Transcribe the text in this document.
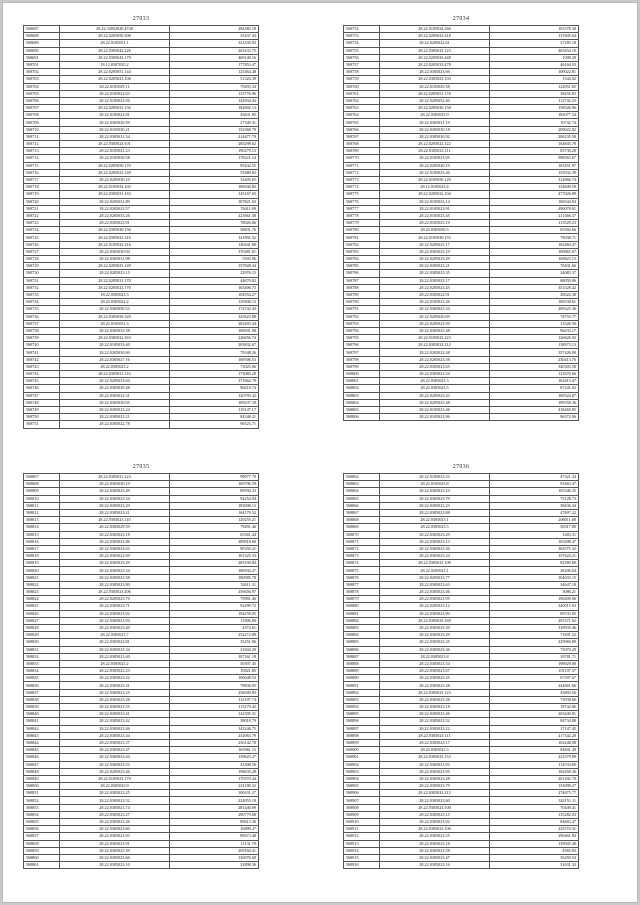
27033
568687	28.22.33052020.4740	284382.18
568688	28.22.0205050.306	35437.43
568689	28.22.0105051.1	323330.03
568690	28.22.0305043.226	263233.75
568691	28.22.0305043.179	469140.16
568701	18.12.0307035.2	177853.47
568702	28.22.0205051.144	125464.48
568703	28.22.0205023.108	51324.39
568704	28.22.0105029.11	79493.34
568705	28.22.0105022.63	133776.96
568706	28.22.0105023.56	142934.43
568707	28.22.0205031.192	182602.13
568708	28.22.0105022.81	45631.85
568709	28.22.0305020.59	27349.31
568710	28.22.0105030.21	152368.79
568711	28.22.0305031.54	214477.79
568712	28.22.0305023.101	285298.62
568713	28.22.0105041.23	190279.13
568714	28.22.0105030.58	178221.14
568715	28.22.0205050.170	95434.55
568716	28.22.0205023.149	55480.82
568717	28.22.0205030.10	32405.65
568718	28.22.0105034.103	186940.82
568719	28.22.0305031.163	145167.65
568720	28.22.0205031.89	187821.63
568721	18.22.0205023.57	76411.09
568722	28.22.0205033.26	223661.38
568723	28.22.0305023.91	78026.86
568724	28.22.0305020.156	56831.76
568725	28.22.0305023.316	141891.32
568726	28.22.0105022.216	140441.88
568727	28.22.0305030.94	370481.01
568728	28.22.0305031.98	5503.96
568729	28.22.0205023.149	157828.44
568730	28.22.0205023.15	22976.15
568731	28.22.0205031.170	44670.82
568732	28.22.0205023.170	165406.73
568733	18.22.0305023.3	104954.27
568734	28.22.0305022.2	129406.13
568735	28.22.0305050.53	172742.43
568736	28.22.0305050.320	325623.88
568737	28.22.0105031.3	282403.44
568738	28.22.0305033.38	106931.98
568739	28.22.0305022.363	226656.74
568740	28.22.0105033.40	283832.67
568741	28.22.0205030.90	79348.26
568742	28.22.0305027.16	168506.53
568743	28.22.0305023.2	73025.06
568744	28.22.0305023.110	173083.28
568745	28.22.0205033.64	371662.79
568746	28.22.0305030.48	96419.74
568747	28.22.0305022.31	120793.42
568748	28.22.0305030.05	109237.18
568749	28.22.0305023.24	119147.17
568750	28.22.0305023.21	84348.21
568751	28.22.0305022.78	96523.71
27034
568752	28.22.0105024.266	103378.30
568753	28.22.0205022.418	137605.64
568754	28.22.0205022.61	37285.18
568755	28.22.0305023.123	465454.10
568756	28.22.0205033.448	1009.29
568757	28.22.0205033.478	46164.53
568758	28.22.0305023.66	100022.81
568759	28.22.0305023.103	1544.02
568760	28.22.0105029.58	122051.65
568761	28.22.0205051.178	38456.83
568762	28.22.0205052.40	112742.25
568763	28.22.0205030.158	158526.96
568764	28.22.0305023.9	183077.34
568765	28.22.0305031.19	10742.74
568766	28.22.0305030.18	209022.82
568767	28.22.0305030.92	206235.58
568768	28.22.0205022.122	164845.78
568769	28.22.0105023.111	83730.20
568770	28.22.0105023.95	998563.67
568771	28.22.0205020.19	163451.97
568772	28.22.0105023.46	155932.39
568773	28.22.0105050.120	312866.74
568774	28.12.0105023.4	154609.59
568775	28.22.0205022.104	477026.89
568776	28.22.0105023.14	106544.94
568777	28.22.0105023.91	490078.01
568778	28.22.0105023.45	211466.37
568779	28.22.0105023.19	113529.23
568780	28.22.0305050.3	65302.66
568781	28.22.0105030.155	79038.71
568782	28.22.0205023.17	162484.47
568783	28.22.0305023.19	100865.07
568784	28.22.0205023.29	169823.13
568785	28.22.0305023.21	70431.66
568786	28.22.0305023.35	24083.37
568787	28.22.0305023.17	68059.86
568788	28.22.0205023.45	351528.42
568789	28.22.0305022.91	28024.38
568790	28.22.0105023.36	106538.61
568791	28.22.0305023.34	209325.36
568792	28.22.0205020.69	74753.77
568793	28.22.0205023.50	13326.56
568794	28.22.0305023.48	96233.17
568795	28.22.0105023.223	126626.92
568796	28.22.0305023.212	138973.13
568797	28.22.0205022.48	357426.80
568798	28.22.0205023.58	230413.76
568799	28.22.0305023.65	340303.58
568800	28.22.0305023.54	123676.66
568801	28.22.0305023.3	162413.47
568802	28.22.0305023.5	87241.02
568803	28.22.0205023.43	100524.87
568804	28.22.0205023.48	199358.36
568805	28.22.0105023.46	418465.05
568806	28.22.0105023.96	96372.96
27035
568807	28.22.0305031.224	99077.70
568808	28.22.0305030.19	100796.59
568809	28.22.0305023.49	89594.33
568810	28.22.0305023.34	94254.94
568811	28.22.0305023.29	183908.13
568812	28.22.0305023.21	164179.32
568813	28.22.0305023.110	120255.21
568814	28.22.0305029.59	79491.46
568815	28.22.0305023.18	65361.44
568816	28.22.0305023.86	289018.60
568817	28.22.0305023.63	90350.21
568818	28.22.0305022.69	101325.33
568819	28.22.0305023.29	285190.84
568820	28.22.0305023.34	180934.27
568821	28.22.0305023.58	180985.78
568822	28.22.0305023.80	32611.31
568823	28.22.0305023.206	256656.97
568824	28.22.0205023.70	79901.46
568825	28.22.0305023.71	92299.72
568826	28.22.0305023.92	104258.05
568827	28.22.0305023.94	11806.80
568828	28.22.0305023.40	4374.61
568829	28.22.0305023.7	232272.89
568830	28.22.0305023.81	35451.86
568831	28.22.0305023.34	21844.29
568832	28.22.0305023.40	107161.18
568833	28.22.0305023.2	50397.45
568834	28.22.0305023.23	10821.85
568835	28.22.0305023.22	100648.53
568836	28.22.0305023.31	79836.95
568837	28.22.0305023.25	256049.83
568838	28.22.0305023.28	112107.74
568839	28.22.0305023.55	115279.42
568840	28.22.0305023.41	142395.31
568841	28.22.0305023.42	38018.79
568842	28.22.0305023.46	143246.75
568843	28.22.0305023.44	232063.79
568844	28.22.0305023.37	256142.78
568845	28.22.0305023.47	165961.15
568846	28.22.0305023.44	139623.27
568847	28.22.0305023.53	43308.56
568848	28.22.0205023.46	198635.28
568849	28.22.0105023.170	170370.44
568850	28.22.0305023.9	221180.32
568851	28.22.0305023.25	100431.27
568852	28.22.0305023.52	224955.19
568853	28.22.0305023.74	281440.09
568854	28.22.0305023.27	290779.68
568855	28.22.0305023.36	89613.36
568856	28.22.0305023.60	16899.27
568857	28.22.0305023.93	89473.48
568858	28.22.0305023.91	11131.79
568859	28.22.0305023.39	209160.41
568860	28.22.0305023.66	136076.68
568861	28.22.0305023.10	32898.36
27036
568862	28.22.0105023.33	47321.34
568863	28.22.0105023.8	93463.47
568864	28.22.0305023.10	103346.35
568865	28.22.0305023.79	75128.73
568866	28.22.0305023.23	38436.34
568867	28.22.0305023.88	47697.22
568868	28.22.0305023.1	206011.68
568869	28.22.0305023.5	50317.80
568870	28.22.0305023.29	1483.31
568871	28.22.0305023.13	165498.47
568872	28.22.0305023.36	363575.32
568873	28.22.0305023.24	157624.21
568874	28.22.0305023.109	82580.80
568875	28.22.0205023.1	28206.64
568876	28.22.0205023.77	104033.15
568877	28.22.0305023.63	34647.18
568878	28.22.0305023.46	3086.21
568879	28.22.0305023.95	196209.06
568880	28.22.0205023.12	340015.63
568881	28.22.0305023.90	69743.85
568882	28.22.0305023.169	291371.62
568883	28.22.0305023.30	318935.46
568884	28.22.0305023.29	71691.52
568885	28.22.0305023.35	229960.80
568886	28.22.0305023.36	75070.29
568887	28.22.0305023.8	39781.71
568888	28.22.0305023.34	198929.00
568889	28.22.0305023.67	101107.37
568890	28.22.0305023.35	67397.67
568891	28.22.0305023.38	244661.66
568892	28.22.0305023.123	45803.56
568893	28.22.0305023.38	73938.66
568894	28.22.0305023.18	18742.06
568895	28.22.0305023.46	203440.81
568896	28.22.0305023.52	84734.88
568897	28.22.0305023.22	17147.45
568898	28.22.0305023.111	217342.20
568899	28.22.0305023.17	102448.08
568900	28.22.0305023.3	94841.49
568901	28.22.0305023.153	222579.89
568902	28.22.0305023.93	114533.80
568903	28.22.0305023.95	102458.36
568904	28.22.0305023.28	201202.70
568905	28.22.0305023.79	133099.27
568906	28.22.0305023.212	274675.77
568907	28.22.0305023.60	342151.11
568908	28.22.0305023.100	70449.41
568909	28.22.0305023.15	135282.03
568910	28.22.0305023.92	84663.47
568911	28.22.0305023.106	225574.31
568912	28.22.0305023.55	296461.84
568913	28.22.0305023.18	139945.40
568914	28.22.0305023.58	4565.83
568915	28.22.0305023.47	35459.54
568916	28.22.0305023.16	31631.32
